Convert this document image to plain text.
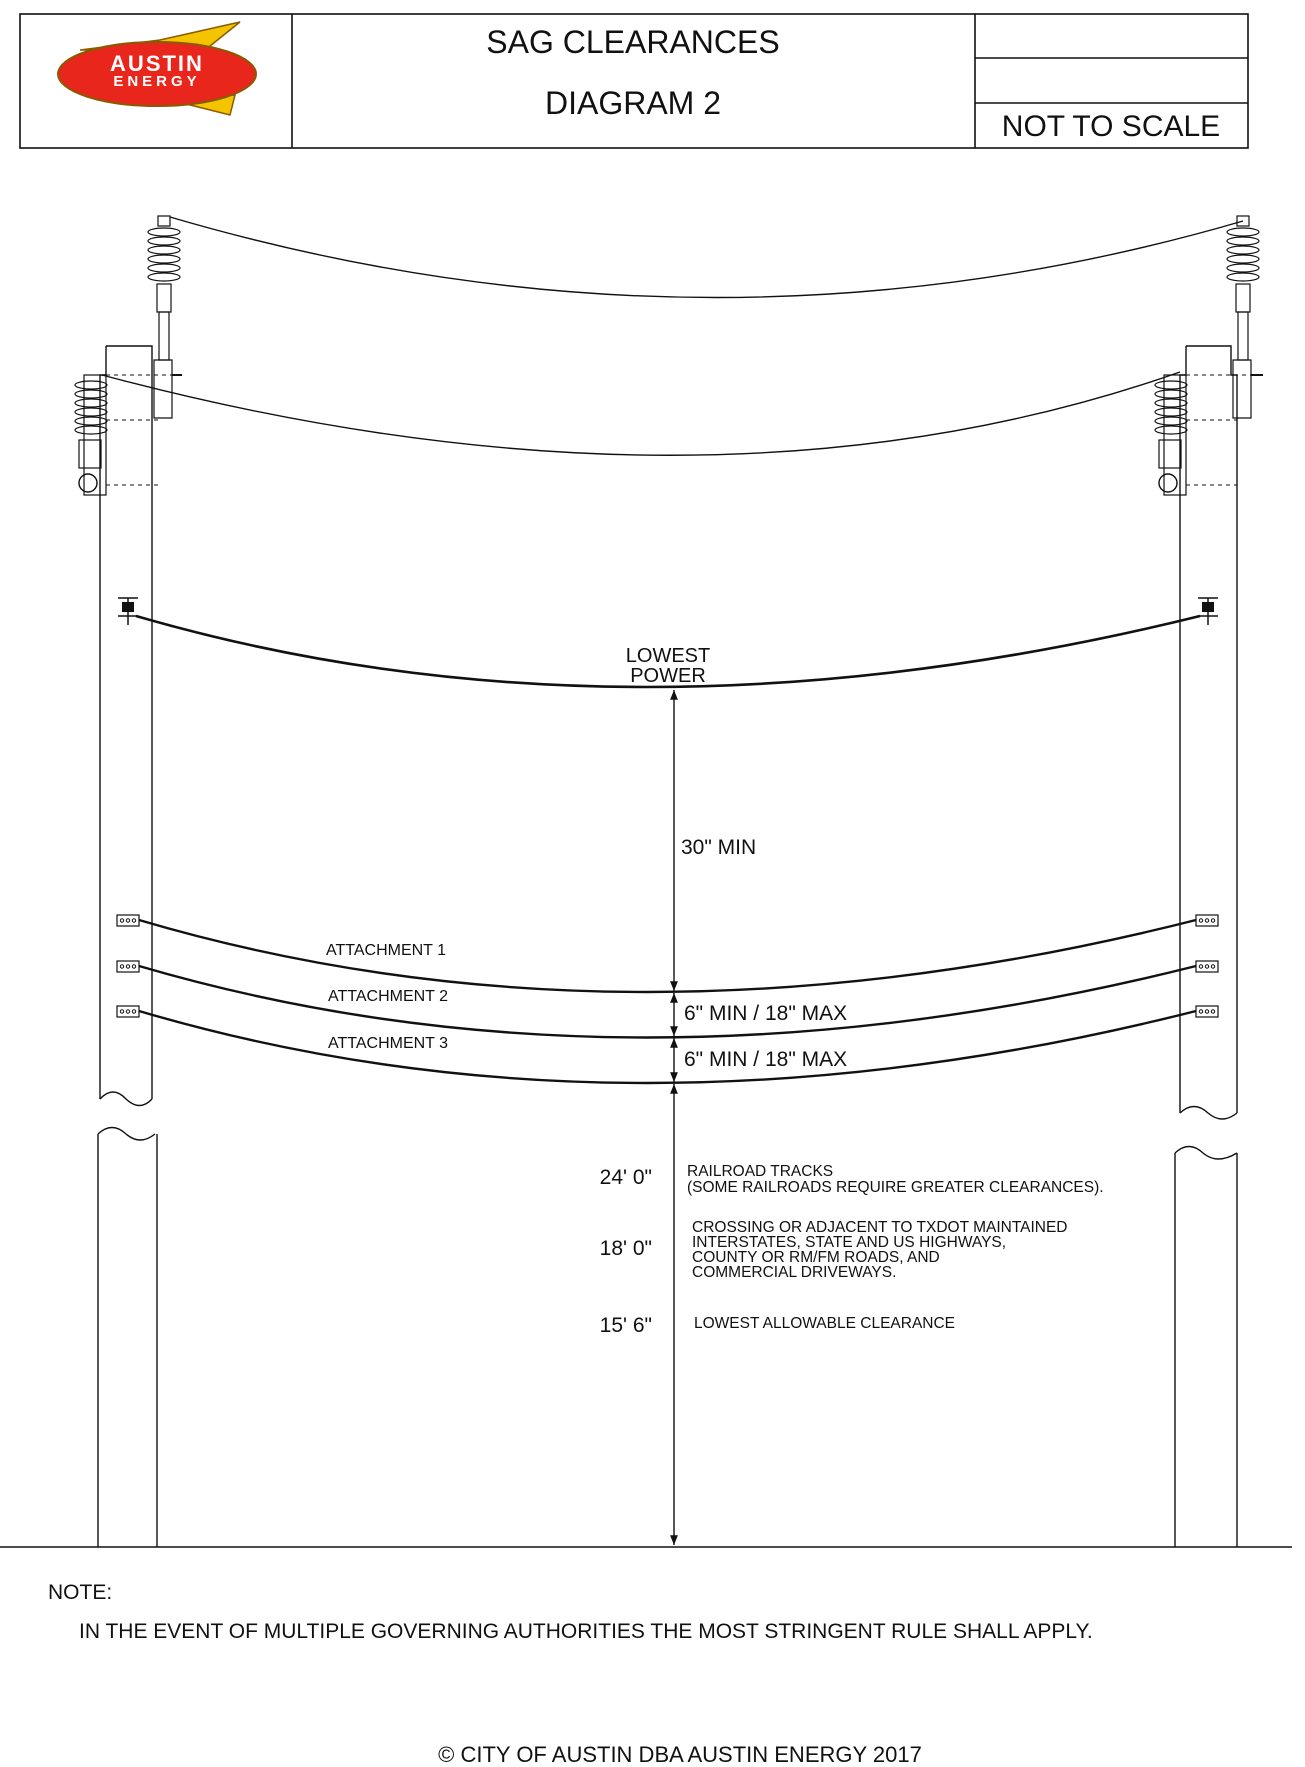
AUSTIN
ENERGY
SAG CLEARANCES
DIAGRAM 2
NOT TO SCALE
LOWEST
POWER
ATTACHMENT 1
ATTACHMENT 2
ATTACHMENT 3
30" MIN
6" MIN / 18" MAX
6" MIN / 18" MAX
24' 0" RAILROAD TRACKS
(SOME RAILROADS REQUIRE GREATER CLEARANCES).
18' 0"
CROSSING OR ADJACENT TO TXDOT MAINTAINED
INTERSTATES, STATE AND US HIGHWAYS,
COUNTY OR RM/FM ROADS, AND
COMMERCIAL DRIVEWAYS.
15' 6"	LOWEST ALLOWABLE CLEARANCE
NOTE:
IN THE EVENT OF MULTIPLE GOVERNING AUTHORITIES THE MOST STRINGENT RULE SHALL APPLY.
© CITY OF AUSTIN DBA AUSTIN ENERGY 2017
